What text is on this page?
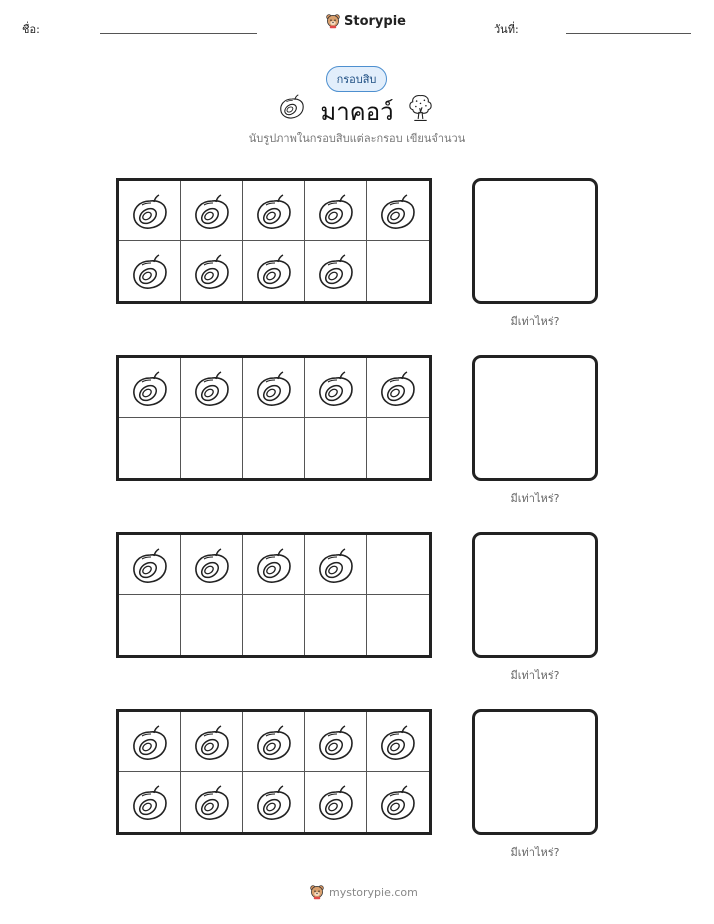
ชื่อ:
Storypie
วันที่:
กรอบสิบ
มาคอว์
นับรูปภาพในกรอบสิบแต่ละกรอบ เขียนจำนวน
มีเท่าไหร่?
มีเท่าไหร่?
มีเท่าไหร่?
มีเท่าไหร่?
mystorypie.com
